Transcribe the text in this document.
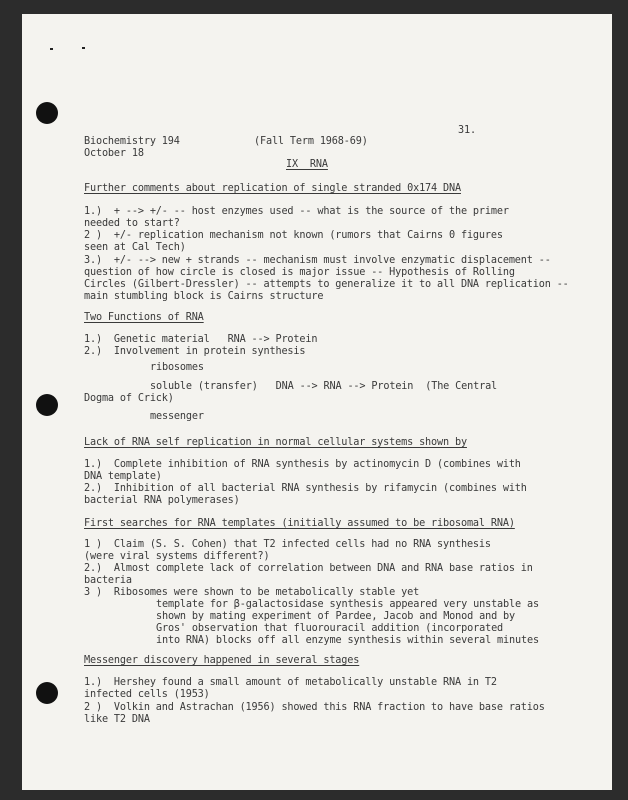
Biochemistry 194
October 18
(Fall Term 1968-69)
31.
IX  RNA
Further comments about replication of single stranded 0x174 DNA
1.)  + --> +/- -- host enzymes used -- what is the source of the primer
needed to start?
2 )  +/- replication mechanism not known (rumors that Cairns 0 figures
seen at Cal Tech)
3.)  +/- --> new + strands -- mechanism must involve enzymatic displacement --
question of how circle is closed is major issue -- Hypothesis of Rolling
Circles (Gilbert-Dressler) -- attempts to generalize it to all DNA replication --
main stumbling block is Cairns structure
Two Functions of RNA
1.)  Genetic material   RNA --> Protein
2.)  Involvement in protein synthesis
ribosomes
soluble (transfer)   DNA --> RNA --> Protein  (The Central
Dogma of Crick)
messenger
Lack of RNA self replication in normal cellular systems shown by
1.)  Complete inhibition of RNA synthesis by actinomycin D (combines with
DNA template)
2.)  Inhibition of all bacterial RNA synthesis by rifamycin (combines with
bacterial RNA polymerases)
First searches for RNA templates (initially assumed to be ribosomal RNA)
1 )  Claim (S. S. Cohen) that T2 infected cells had no RNA synthesis
(were viral systems different?)
2.)  Almost complete lack of correlation between DNA and RNA base ratios in
bacteria
3 )  Ribosomes were shown to be metabolically stable yet
template for β-galactosidase synthesis appeared very unstable as
shown by mating experiment of Pardee, Jacob and Monod and by
Gros' observation that fluorouracil addition (incorporated
into RNA) blocks off all enzyme synthesis within several minutes
Messenger discovery happened in several stages
1.)  Hershey found a small amount of metabolically unstable RNA in T2
infected cells (1953)
2 )  Volkin and Astrachan (1956) showed this RNA fraction to have base ratios
like T2 DNA
